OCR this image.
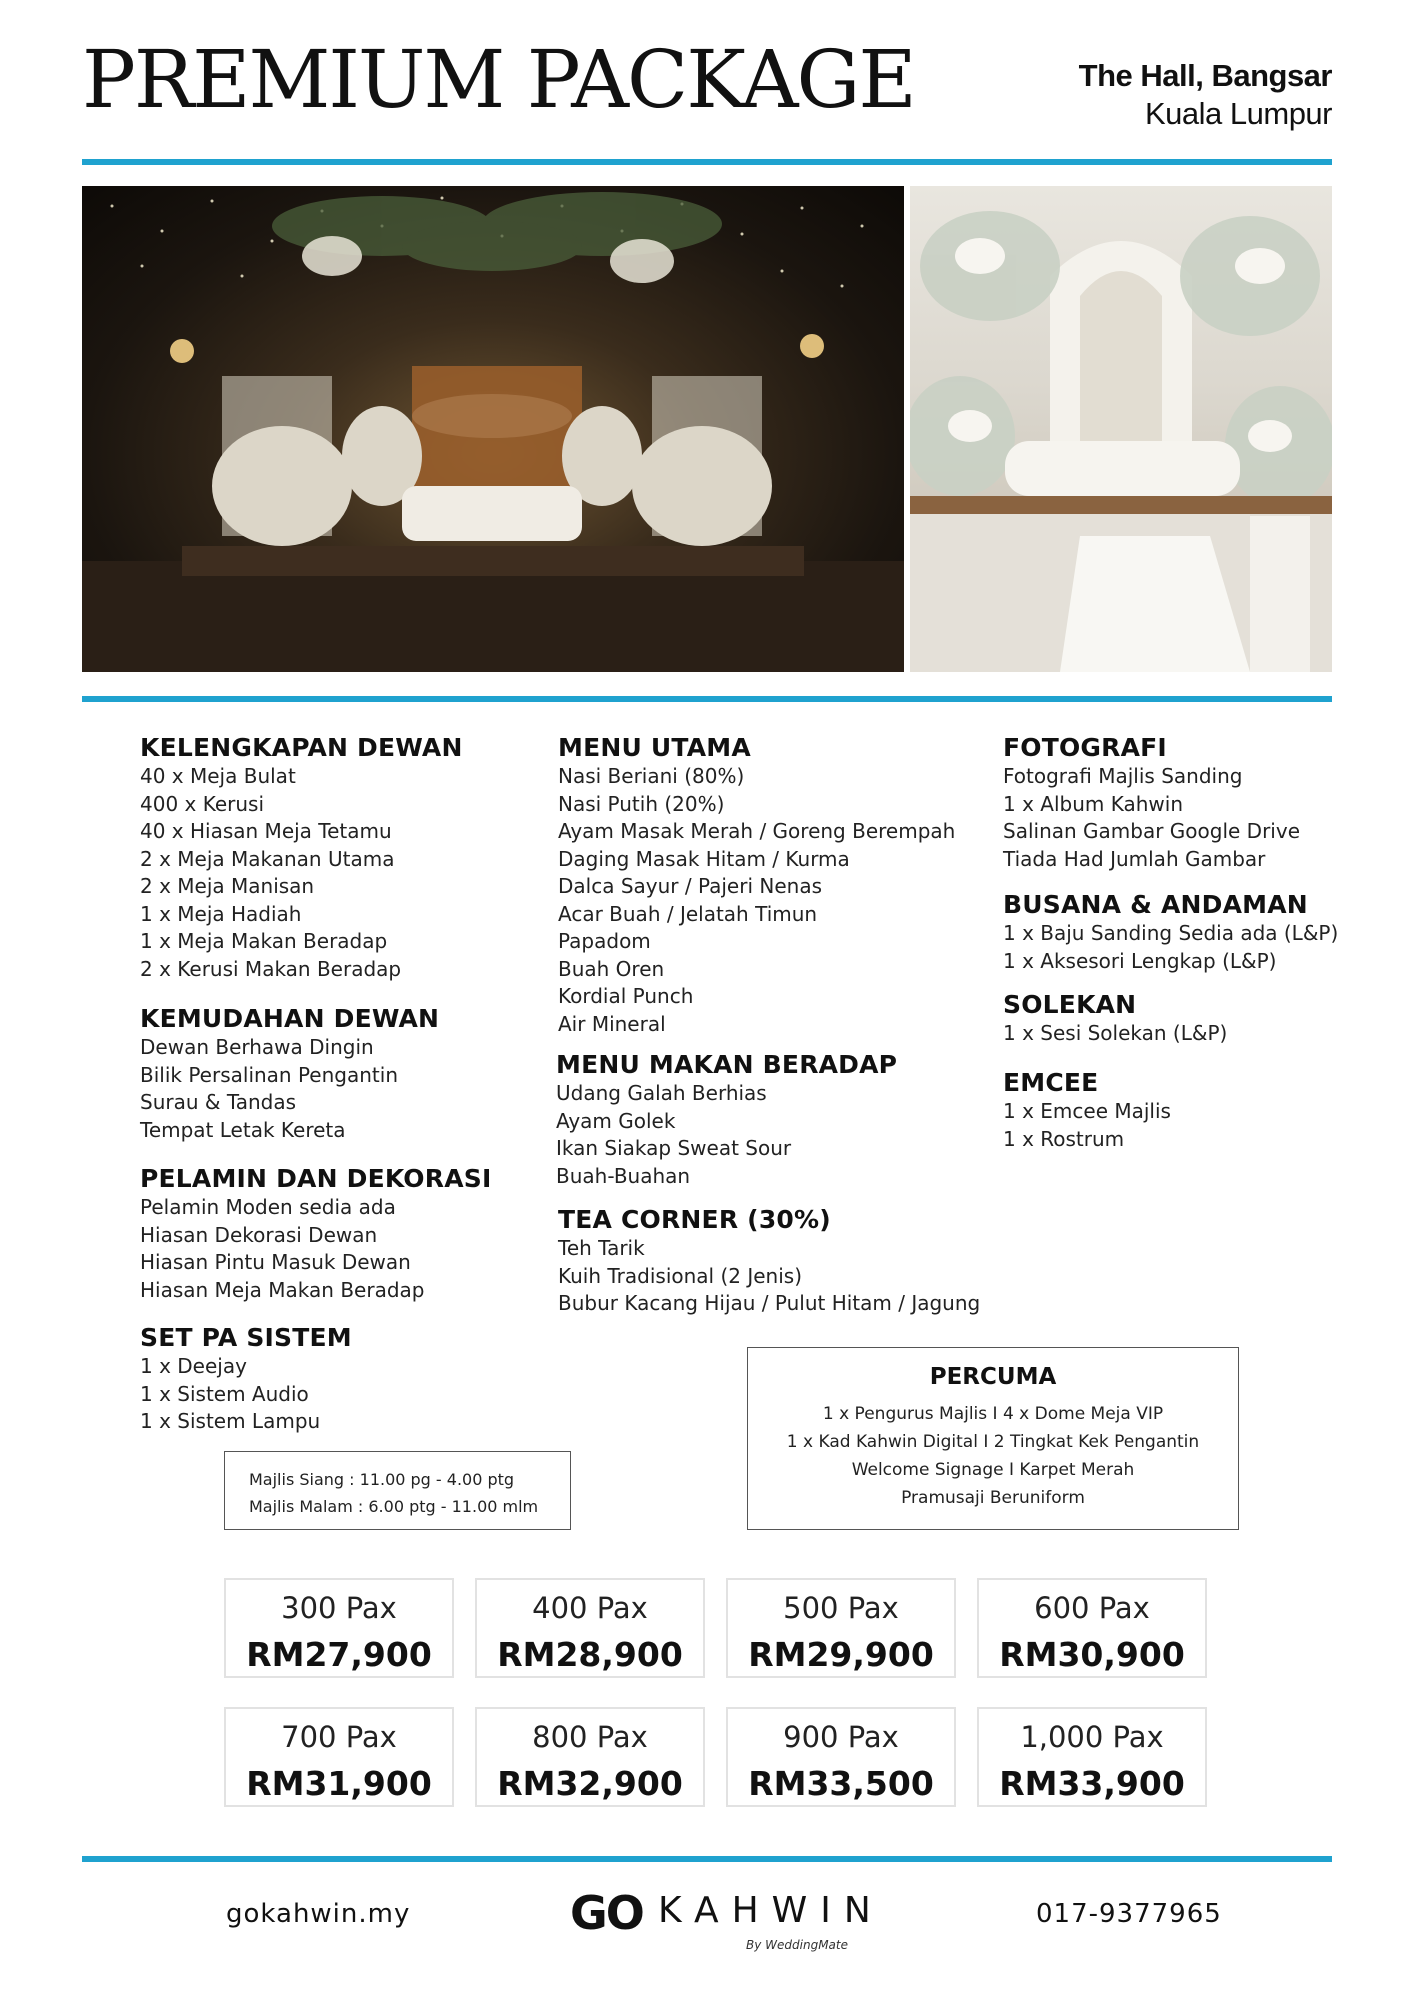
PREMIUM PACKAGE	The Hall, Bangsar
Kuala Lumpur
KELENGKAPAN DEWAN
40 x Meja Bulat
400 x Kerusi
40 x Hiasan Meja Tetamu
2 x Meja Makanan Utama
2 x Meja Manisan
1 x Meja Hadiah
1 x Meja Makan Beradap
2 x Kerusi Makan Beradap
KEMUDAHAN DEWAN
Dewan Berhawa Dingin
Bilik Persalinan Pengantin
Surau & Tandas
Tempat Letak Kereta
PELAMIN DAN DEKORASI
Pelamin Moden sedia ada
Hiasan Dekorasi Dewan
Hiasan Pintu Masuk Dewan
Hiasan Meja Makan Beradap
SET PA SISTEM
1 x Deejay
1 x Sistem Audio
1 x Sistem Lampu
MENU UTAMA
Nasi Beriani (80%)
Nasi Putih (20%)
Ayam Masak Merah / Goreng Berempah
Daging Masak Hitam / Kurma
Dalca Sayur / Pajeri Nenas
Acar Buah / Jelatah Timun
Papadom
Buah Oren
Kordial Punch
Air Mineral
MENU MAKAN BERADAP
Udang Galah Berhias
Ayam Golek
Ikan Siakap Sweat Sour
Buah-Buahan
TEA CORNER (30%)
Teh Tarik
Kuih Tradisional (2 Jenis)
Bubur Kacang Hijau / Pulut Hitam / Jagung
FOTOGRAFI
Fotografi Majlis Sanding
1 x Album Kahwin
Salinan Gambar Google Drive
Tiada Had Jumlah Gambar
BUSANA & ANDAMAN
1 x Baju Sanding Sedia ada (L&P)
1 x Aksesori Lengkap (L&P)
SOLEKAN
1 x Sesi Solekan (L&P)
EMCEE
1 x Emcee Majlis
1 x Rostrum
Majlis Siang : 11.00 pg - 4.00 ptg
Majlis Malam : 6.00 ptg - 11.00 mlm
PERCUMA
1 x Pengurus Majlis I 4 x Dome Meja VIP
1 x Kad Kahwin Digital I 2 Tingkat Kek Pengantin
Welcome Signage I Karpet Merah
Pramusaji Beruniform
300 Pax
RM27,900
400 Pax
RM28,900
500 Pax
RM29,900
600 Pax
RM30,900
700 Pax
RM31,900
800 Pax
RM32,900
900 Pax
RM33,500
1,000 Pax
RM33,900
gokahwin.my	GO KAHWIN
By WeddingMate
017-9377965
